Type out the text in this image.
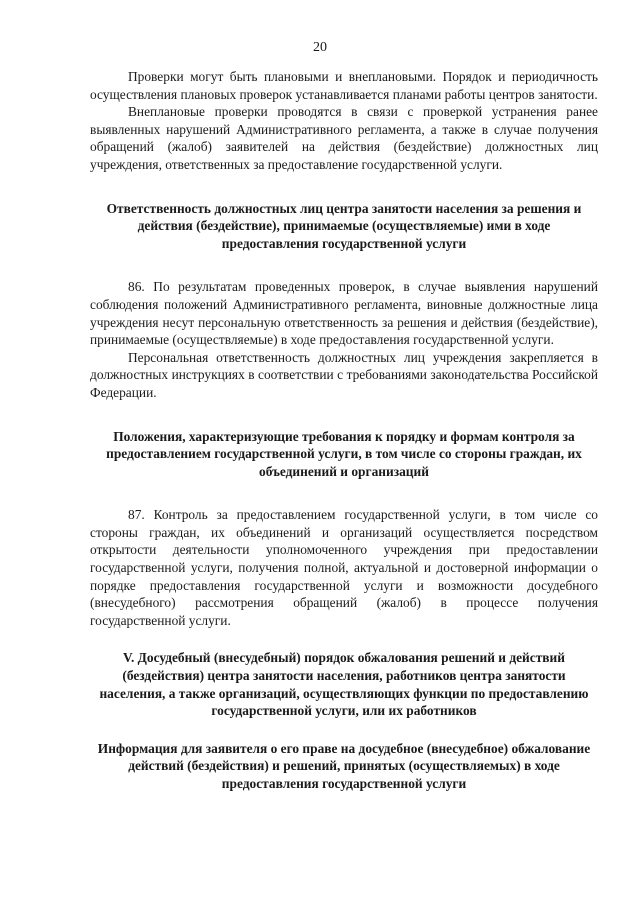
20

Проверки могут быть плановыми и внеплановыми. Порядок и периодичность осуществления плановых проверок устанавливается планами работы центров занятости.

Внеплановые проверки проводятся в связи с проверкой устранения ранее выявленных нарушений Административного регламента, а также в случае получения обращений (жалоб) заявителей на действия (бездействие) должностных лиц учреждения, ответственных за предоставление государственной услуги.

Ответственность должностных лиц центра занятости населения за решения и действия (бездействие), принимаемые (осуществляемые) ими в ходе предоставления государственной услуги

86. По результатам проведенных проверок, в случае выявления нарушений соблюдения положений Административного регламента, виновные должностные лица учреждения несут персональную ответственность за решения и действия (бездействие), принимаемые (осуществляемые) в ходе предоставления государственной услуги.

Персональная ответственность должностных лиц учреждения закрепляется в должностных инструкциях в соответствии с требованиями законодательства Российской Федерации.

Положения, характеризующие требования к порядку и формам контроля за предоставлением государственной услуги, в том числе со стороны граждан, их объединений и организаций

87. Контроль за предоставлением государственной услуги, в том числе со стороны граждан, их объединений и организаций осуществляется посредством открытости деятельности уполномоченного учреждения при предоставлении государственной услуги, получения полной, актуальной и достоверной информации о порядке предоставления государственной услуги и возможности досудебного (внесудебного) рассмотрения обращений (жалоб) в процессе получения государственной услуги.

V. Досудебный (внесудебный) порядок обжалования решений и действий (бездействия) центра занятости населения, работников центра занятости населения, а также организаций, осуществляющих функции по предоставлению государственной услуги, или их работников

Информация для заявителя о его праве на досудебное (внесудебное) обжалование действий (бездействия) и решений, принятых (осуществляемых) в ходе предоставления государственной услуги
